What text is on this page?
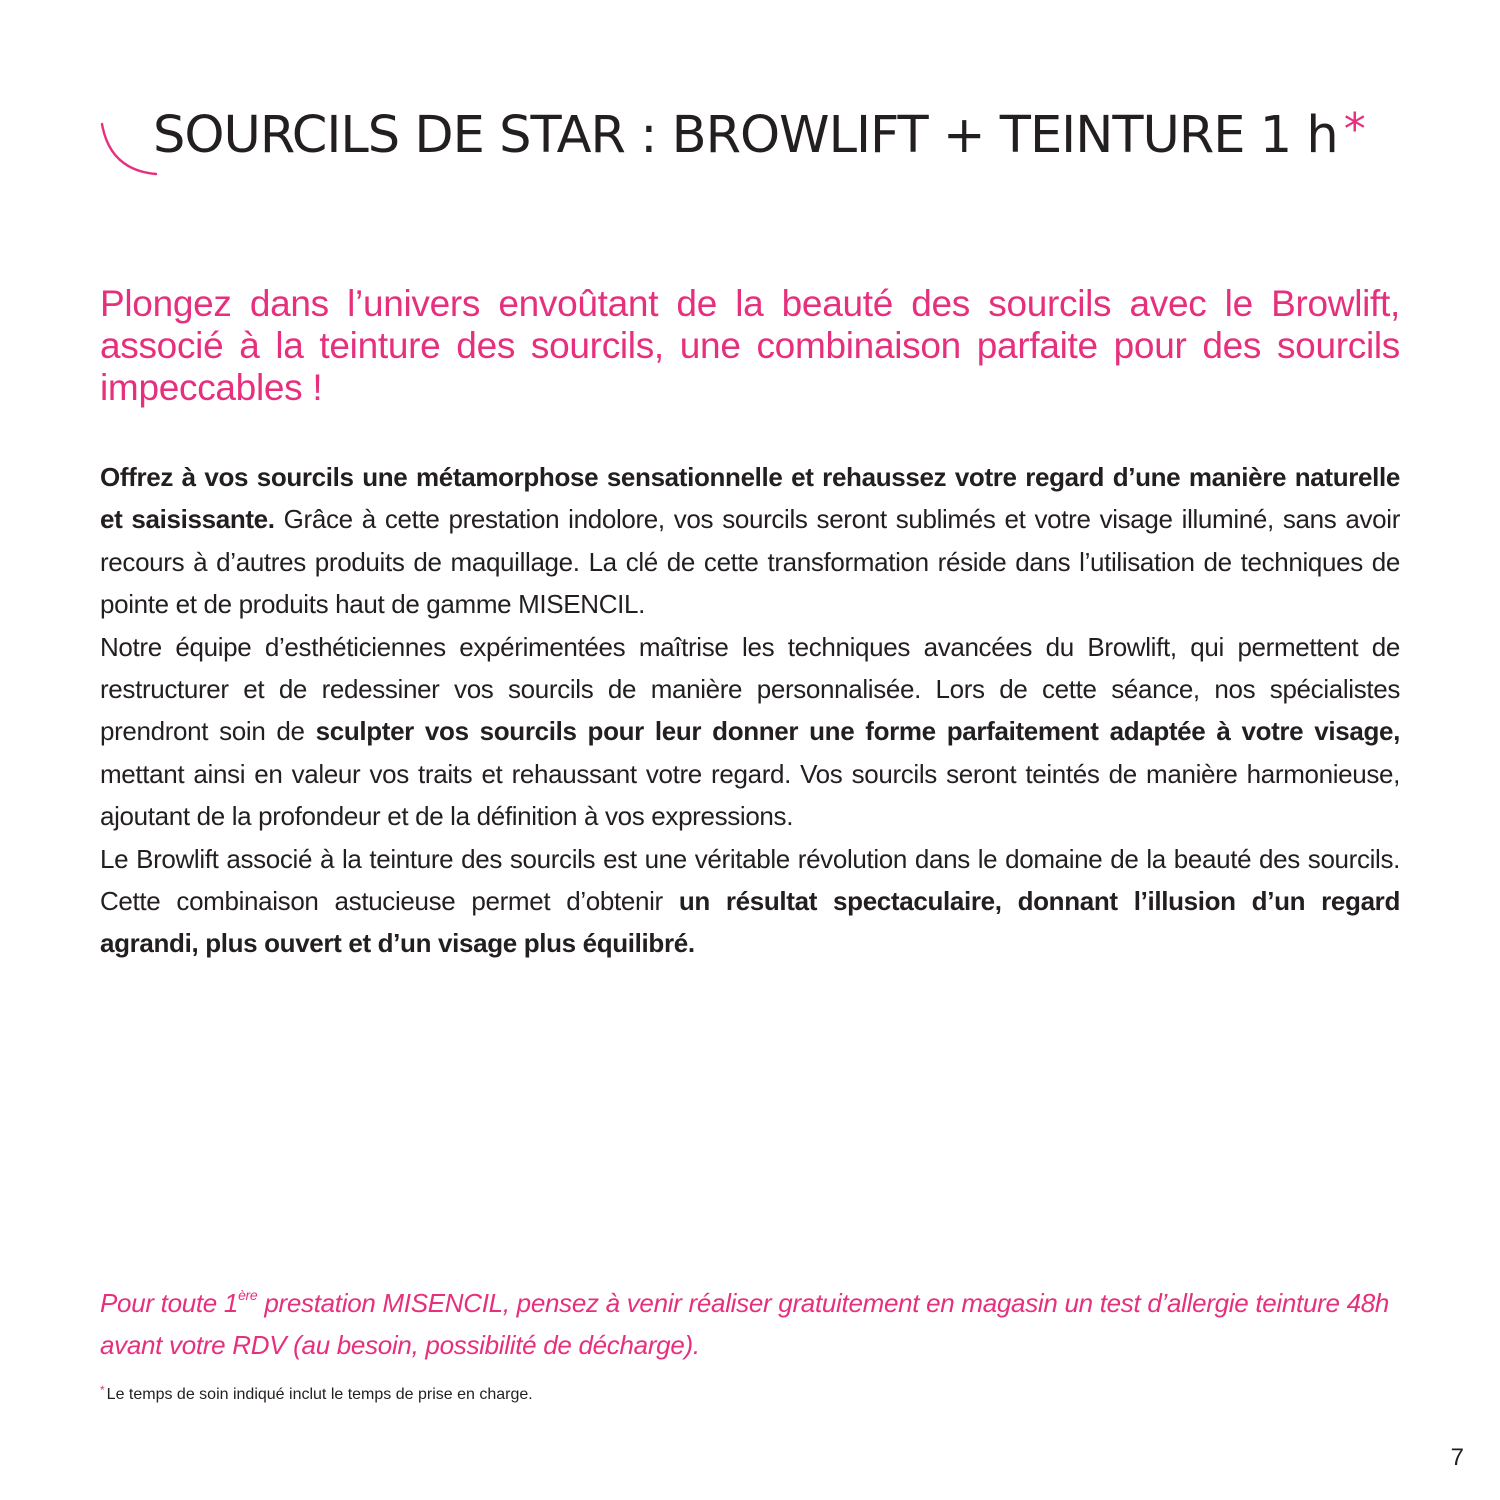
SOURCILS DE STAR : BROWLIFT + TEINTURE 1 h *

Plongez dans l’univers envoûtant de la beauté des sourcils avec le Browlift, associé à la teinture des sourcils, une combinaison parfaite pour des sourcils impeccables !

Offrez à vos sourcils une métamorphose sensationnelle et rehaussez votre regard d’une manière naturelle et saisissante. Grâce à cette prestation indolore, vos sourcils seront sublimés et votre visage illuminé, sans avoir recours à d’autres produits de maquillage. La clé de cette transformation réside dans l’utilisation de techniques de pointe et de produits haut de gamme MISENCIL.

Notre équipe d’esthéticiennes expérimentées maîtrise les techniques avancées du Browlift, qui permettent de restructurer et de redessiner vos sourcils de manière personnalisée. Lors de cette séance, nos spécialistes prendront soin de sculpter vos sourcils pour leur donner une forme parfaitement adaptée à votre visage, mettant ainsi en valeur vos traits et rehaussant votre regard. Vos sourcils seront teintés de manière harmonieuse, ajoutant de la profondeur et de la définition à vos expressions.

Le Browlift associé à la teinture des sourcils est une véritable révolution dans le domaine de la beauté des sourcils. Cette combinaison astucieuse permet d’obtenir un résultat spectaculaire, donnant l’illusion d’un regard agrandi, plus ouvert et d’un visage plus équilibré.

Pour toute 1ère prestation MISENCIL, pensez à venir réaliser gratuitement en magasin un test d’allergie teinture 48h avant votre RDV (au besoin, possibilité de décharge).

* Le temps de soin indiqué inclut le temps de prise en charge.

7
